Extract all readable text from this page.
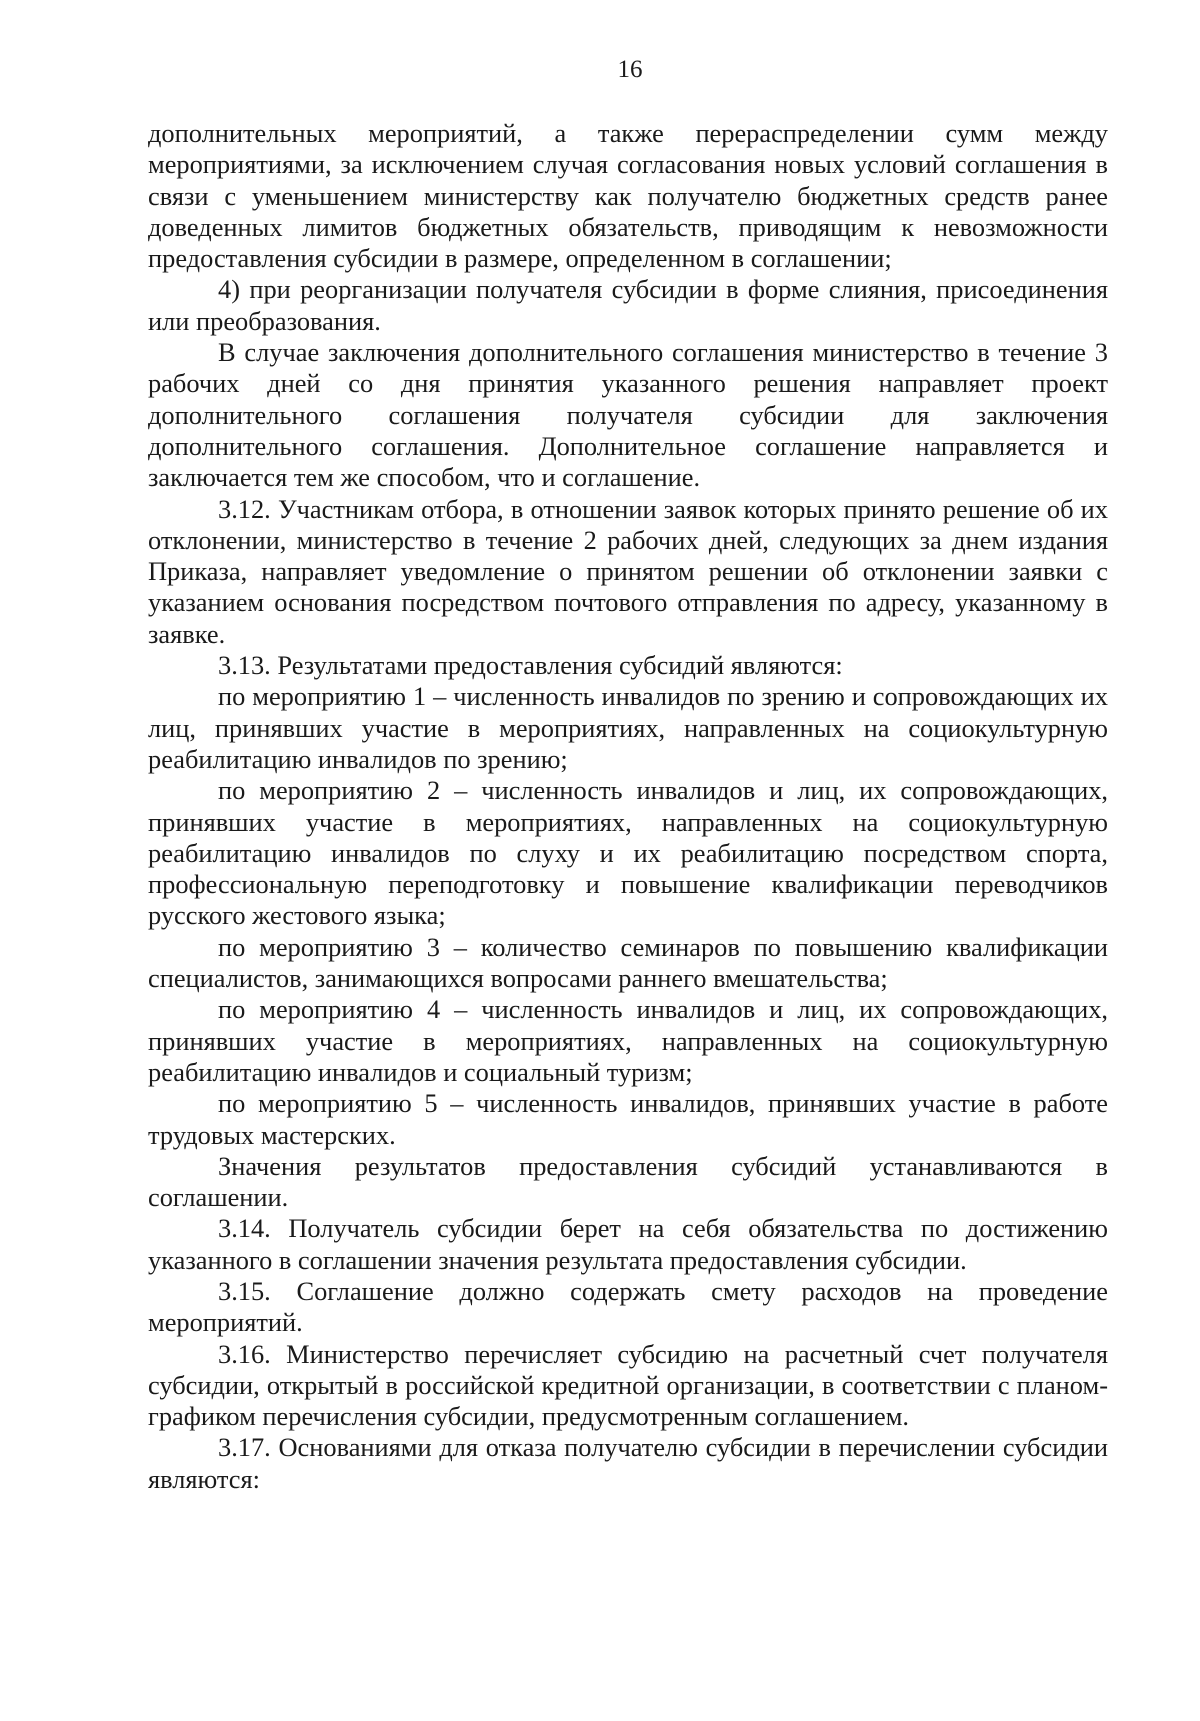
16

дополнительных мероприятий, а также перераспределении сумм между мероприятиями, за исключением случая согласования новых условий соглашения в связи с уменьшением министерству как получателю бюджетных средств ранее доведенных лимитов бюджетных обязательств, приводящим к невозможности предоставления субсидии в размере, определенном в соглашении;

4) при реорганизации получателя субсидии в форме слияния, присоединения или преобразования.

В случае заключения дополнительного соглашения министерство в течение 3 рабочих дней со дня принятия указанного решения направляет проект дополнительного соглашения получателя субсидии для заключения дополнительного соглашения. Дополнительное соглашение направляется и заключается тем же способом, что и соглашение.

3.12. Участникам отбора, в отношении заявок которых принято решение об их отклонении, министерство в течение 2 рабочих дней, следующих за днем издания Приказа, направляет уведомление о принятом решении об отклонении заявки с указанием основания посредством почтового отправления по адресу, указанному в заявке.

3.13. Результатами предоставления субсидий являются:

по мероприятию 1 – численность инвалидов по зрению и сопровождающих их лиц, принявших участие в мероприятиях, направленных на социокультурную реабилитацию инвалидов по зрению;

по мероприятию 2 – численность инвалидов и лиц, их сопровождающих, принявших участие в мероприятиях, направленных на социокультурную реабилитацию инвалидов по слуху и их реабилитацию посредством спорта, профессиональную переподготовку и повышение квалификации переводчиков русского жестового языка;

по мероприятию 3 – количество семинаров по повышению квалификации специалистов, занимающихся вопросами раннего вмешательства;

по мероприятию 4 – численность инвалидов и лиц, их сопровождающих, принявших участие в мероприятиях, направленных на социокультурную реабилитацию инвалидов и социальный туризм;

по мероприятию 5 – численность инвалидов, принявших участие в работе трудовых мастерских.

Значения результатов предоставления субсидий устанавливаются в соглашении.

3.14. Получатель субсидии берет на себя обязательства по достижению указанного в соглашении значения результата предоставления субсидии.

3.15. Соглашение должно содержать смету расходов на проведение мероприятий.

3.16. Министерство перечисляет субсидию на расчетный счет получателя субсидии, открытый в российской кредитной организации, в соответствии с планом-графиком перечисления субсидии, предусмотренным соглашением.

3.17. Основаниями для отказа получателю субсидии в перечислении субсидии являются:
